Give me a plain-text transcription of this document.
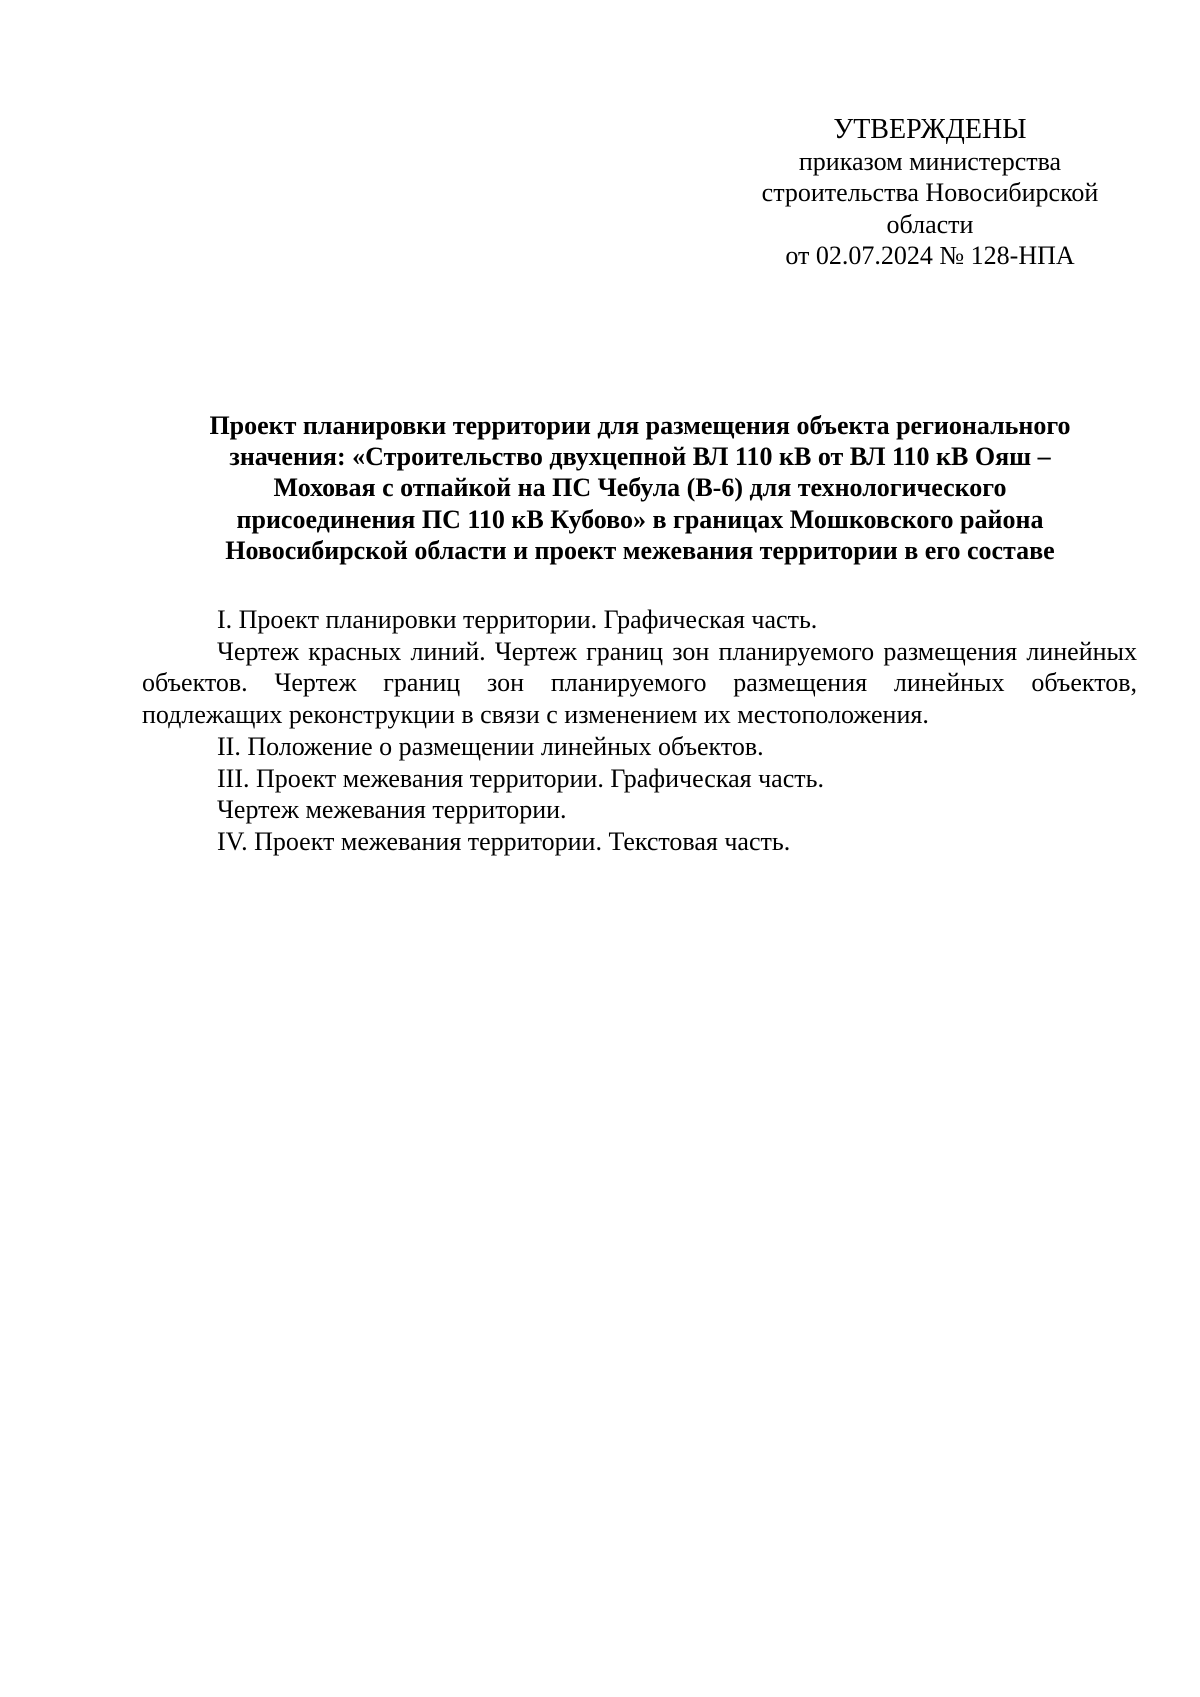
УТВЕРЖДЕНЫ
приказом министерства
строительства Новосибирской
области
от 02.07.2024 № 128-НПА
Проект планировки территории для размещения объекта регионального
значения: «Строительство двухцепной ВЛ 110 кВ от ВЛ 110 кВ Ояш –
Моховая с отпайкой на ПС Чебула (В-6) для технологического
присоединения ПС 110 кВ Кубово» в границах Мошковского района
Новосибирской области и проект межевания территории в его составе

I. Проект планировки территории. Графическая часть.

Чертеж красных линий. Чертеж границ зон планируемого размещения линейных объектов. Чертеж границ зон планируемого размещения линейных объектов, подлежащих реконструкции в связи с изменением их местоположения.

II. Положение о размещении линейных объектов.

III. Проект межевания территории. Графическая часть.

Чертеж межевания территории.

IV. Проект межевания территории. Текстовая часть.
